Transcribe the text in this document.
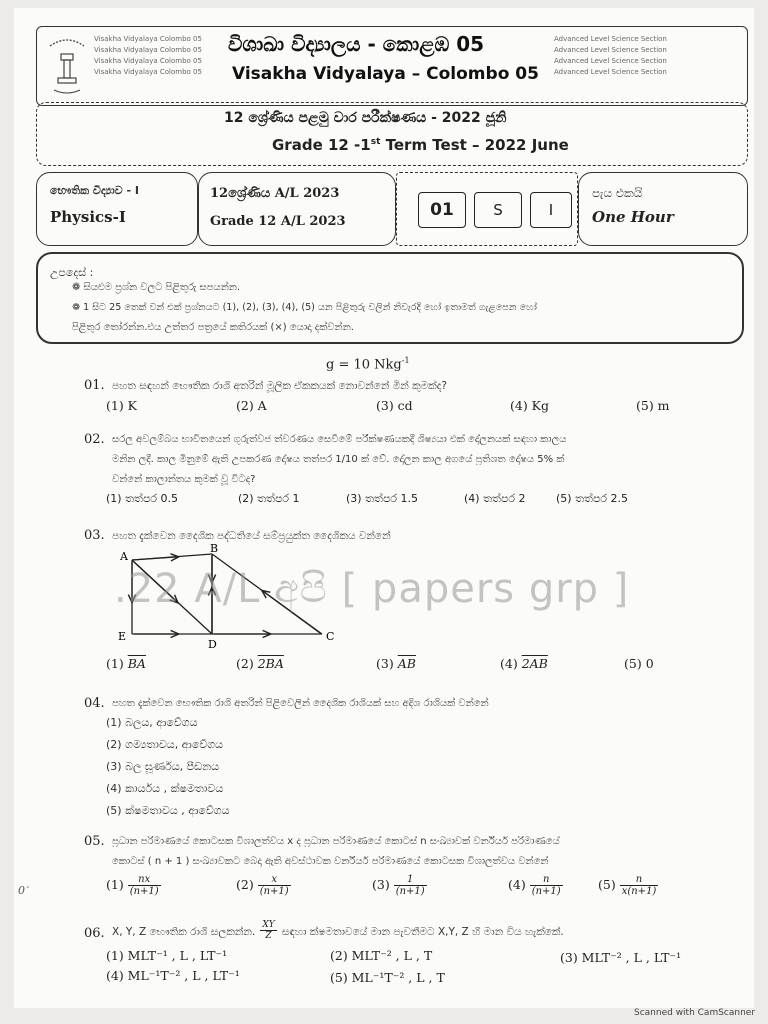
Visakha Vidyalaya Colombo 05
Visakha Vidyalaya Colombo 05
Visakha Vidyalaya Colombo 05
Visakha Vidyalaya Colombo 05
විශාඛා විද්‍යාලය - කොළඹ 05
Visakha Vidyalaya – Colombo 05
Advanced Level Science Section
Advanced Level Science Section
Advanced Level Science Section
Advanced Level Science Section
12 ශ්‍රේණිය පළමු වාර පරීක්ෂණය - 2022 ජූනි
Grade 12 -1st Term Test – 2022 June
භෞතික විද්‍යාව - I
Physics-I
12ශ්‍රේණිය A/L 2023
Grade 12 A/L 2023
01	S	I
පැය එකයි
One Hour
උපදෙස් :
❁ සියළුම ප්‍රශ්න වලට පිළිතුරු සපයන්න.
❁ 1 සිට 25 තෙක් වන් එක් ප්‍රශ්නයට (1), (2), (3), (4), (5) යන පිළිතුරු වලින් නිවැරදි හෝ ඉතාමත් ගැළපෙන හෝ
පිළිතුර තෝරන්න.එය උත්තර පත්‍රයේ කතිරයක් (×) යොදා දක්වන්න.
g = 10 Nkg$^{-1}$
01. පහත සඳහන් භෞතික රාශි අතරින් මූලික ඒකකයක් නොවන්නේ මින් කුමක්ද?
(1) K	(2) A	(3) cd	(4) Kg	(5) m
02. සරල අවලම්බය භාවිතයෙන් ගුරුත්වජ ත්වරණය සෙවීමේ පරීක්ෂණයකදී ශිෂ්‍යයා එක් දෝලනයක් සඳහා කාලය
මනින ලදී. කාල මිනුමේ ඇති උපකරණ දෝෂය තත්පර 1/10 ක් වේ. දෝලන කාල අගයේ ප්‍රතිශත දෝෂය 5% ක්
වන්නේ කාලාන්තය කුමක් වූ විටද?
(1) තත්පර 0.5	(2) තත්පර 1	(3) තත්පර 1.5	(4) තත්පර 2	(5) තත්පර 2.5
03. පහත දැක්වෙන දෛශික පද්ධතියේ සම්ප්‍රයුක්ත දෛශිකය වන්නේ
A
B
C
D
E
.22 A/L අපි [ papers grp ]
(1) $\overline{BA}$	(2) 2BA	(3) $\overline{AB}$	(4) 2AB	(5) 0
04. පහත දැක්වෙන භෞතික රාශි අතරින් පිළිවෙලින් දෛශික රාශියක් සහ අදිශ රාශියක් වන්නේ
(1) බලය, ආවේගය
(2) ගම්‍යතාවය, ආවේගය
(3) බල ඝූර්ණය, පීඩනය
(4) කාර්යය , ක්ෂමතාවය
(5) ක්ෂමතාවය , ආවේගය
05. ප්‍රධාන පරිමාණයේ කොටසක විශාලත්වය x ද ප්‍රධාන පරිමාණයේ කොටස් n සංඛ්‍යාවක් වර්නියර් පරිමාණයේ
කොටස් ( n + 1 ) සංඛ්‍යාවකට බෙදා ඇති අවස්ථාවක වර්නියර් පරිමාණයේ කොටසක විශාලත්වය වන්නේ
$(1) \frac{nx}{(n+1)}$	$(2) \frac{x}{(n+1)}$	$(3) \frac{1}{(n+1)}$	$(4) \frac{n}{(n+1)}$	$(5) \frac{n}{x(n+1)}$
0་
06. X, Y, Z භෞතික රාශි සලකන්න. $\frac{XY}{Z}$ සඳහා ක්ෂමතාවයේ මාන පැවතීමට X,Y, Z හි මාන විය හැක්කේ.
(1) MLT⁻¹ , L , LT⁻¹	(2) MLT⁻² , L , T	(3) MLT⁻² , L , LT⁻¹
(4) ML⁻¹T⁻² , L , LT⁻¹	(5) ML⁻¹T⁻² , L , T
Scanned with CamScanner
